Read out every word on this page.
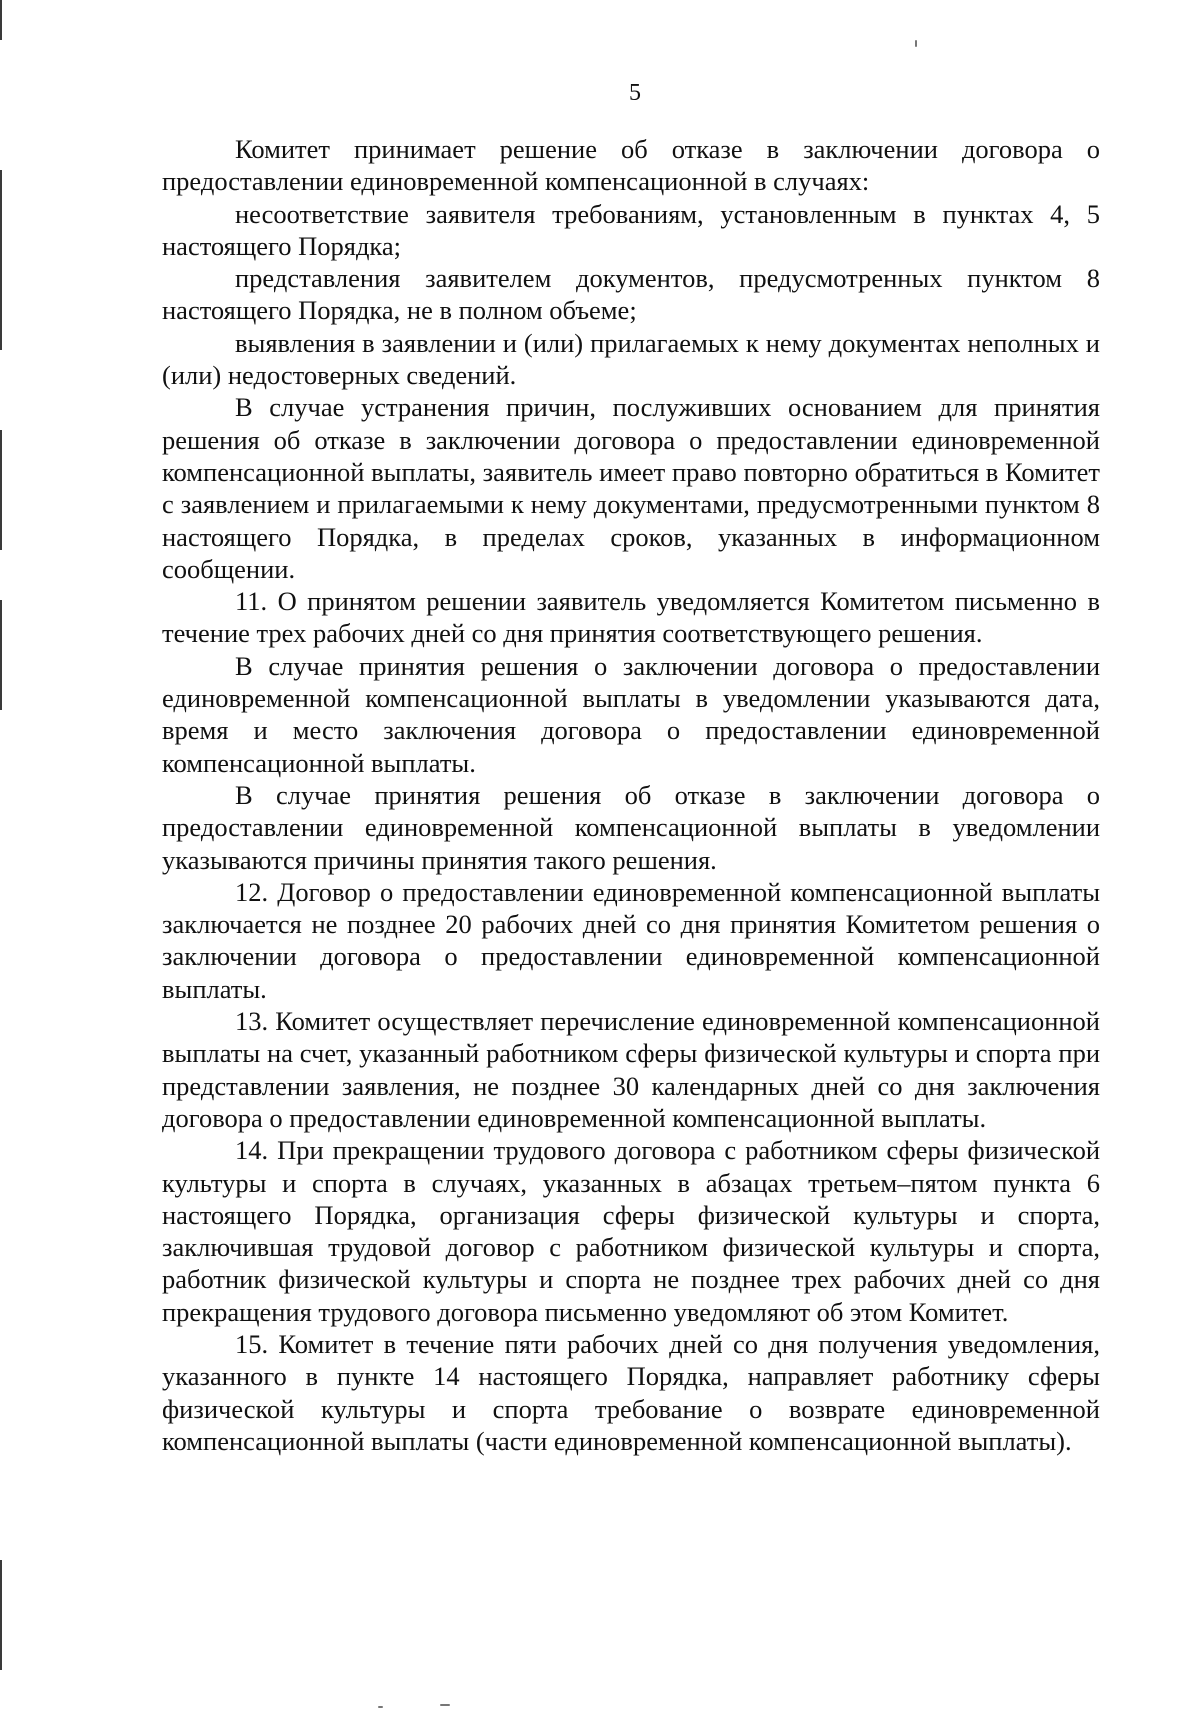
5

Комитет принимает решение об отказе в заключении договора о предоставлении единовременной компенсационной в случаях:

несоответствие заявителя требованиям, установленным в пунктах 4, 5 настоящего Порядка;

представления заявителем документов, предусмотренных пунктом 8 настоящего Порядка, не в полном объеме;

выявления в заявлении и (или) прилагаемых к нему документах неполных и (или) недостоверных сведений.

В случае устранения причин, послуживших основанием для принятия решения об отказе в заключении договора о предоставлении единовременной компенсационной выплаты, заявитель имеет право повторно обратиться в Комитет с заявлением и прилагаемыми к нему документами, предусмотренными пунктом 8 настоящего Порядка, в пределах сроков, указанных в информационном сообщении.

11. О принятом решении заявитель уведомляется Комитетом письменно в течение трех рабочих дней со дня принятия соответствующего решения.

В случае принятия решения о заключении договора о предоставлении единовременной компенсационной выплаты в уведомлении указываются дата, время и место заключения договора о предоставлении единовременной компенсационной выплаты.

В случае принятия решения об отказе в заключении договора о предоставлении единовременной компенсационной выплаты в уведомлении указываются причины принятия такого решения.

12. Договор о предоставлении единовременной компенсационной выплаты заключается не позднее 20 рабочих дней со дня принятия Комитетом решения о заключении договора о предоставлении единовременной компенсационной выплаты.

13. Комитет осуществляет перечисление единовременной компенсационной выплаты на счет, указанный работником сферы физической культуры и спорта при представлении заявления, не позднее 30 календарных дней со дня заключения договора о предоставлении единовременной компенсационной выплаты.

14. При прекращении трудового договора с работником сферы физической культуры и спорта в случаях, указанных в абзацах третьем–пятом пункта 6 настоящего Порядка, организация сферы физической культуры и спорта, заключившая трудовой договор с работником физической культуры и спорта, работник физической культуры и спорта не позднее трех рабочих дней со дня прекращения трудового договора письменно уведомляют об этом Комитет.

15. Комитет в течение пяти рабочих дней со дня получения уведомления, указанного в пункте 14 настоящего Порядка, направляет работнику сферы физической культуры и спорта требование о возврате единовременной компенсационной выплаты (части единовременной компенсационной выплаты).
